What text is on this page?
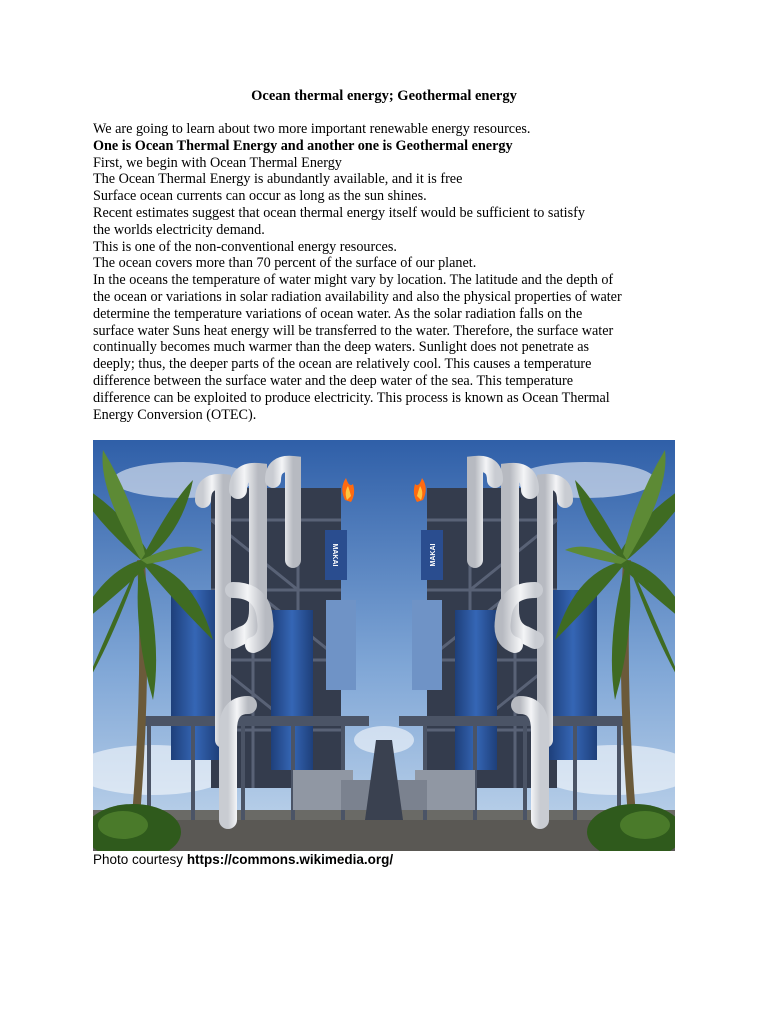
Ocean thermal energy; Geothermal energy
We are going to learn about two more important renewable energy resources.
One is Ocean Thermal Energy and another one is Geothermal energy
First, we begin with Ocean Thermal Energy
The Ocean Thermal Energy is abundantly available, and it is free
Surface ocean currents can occur as long as the sun shines.
Recent estimates suggest that ocean thermal energy itself would be sufficient to satisfy
the worlds electricity demand.
This is one of the non-conventional energy resources.
The ocean covers more than 70 percent of the surface of our planet.
In the oceans the temperature of water might vary by location. The latitude and the depth of
the ocean or variations in solar radiation availability and also the physical properties of water
determine the temperature variations of ocean water. As the solar radiation falls on the
surface water Suns heat energy will be transferred to the water. Therefore, the surface water
continually becomes much warmer than the deep waters. Sunlight does not penetrate as
deeply; thus, the deeper parts of the ocean are relatively cool. This causes a temperature
difference between the surface water and the deep water of the sea. This temperature
difference can be exploited to produce electricity. This process is known as Ocean Thermal
Energy Conversion (OTEC).
MAKAI	MAKAI
Photo courtesy https://commons.wikimedia.org/
